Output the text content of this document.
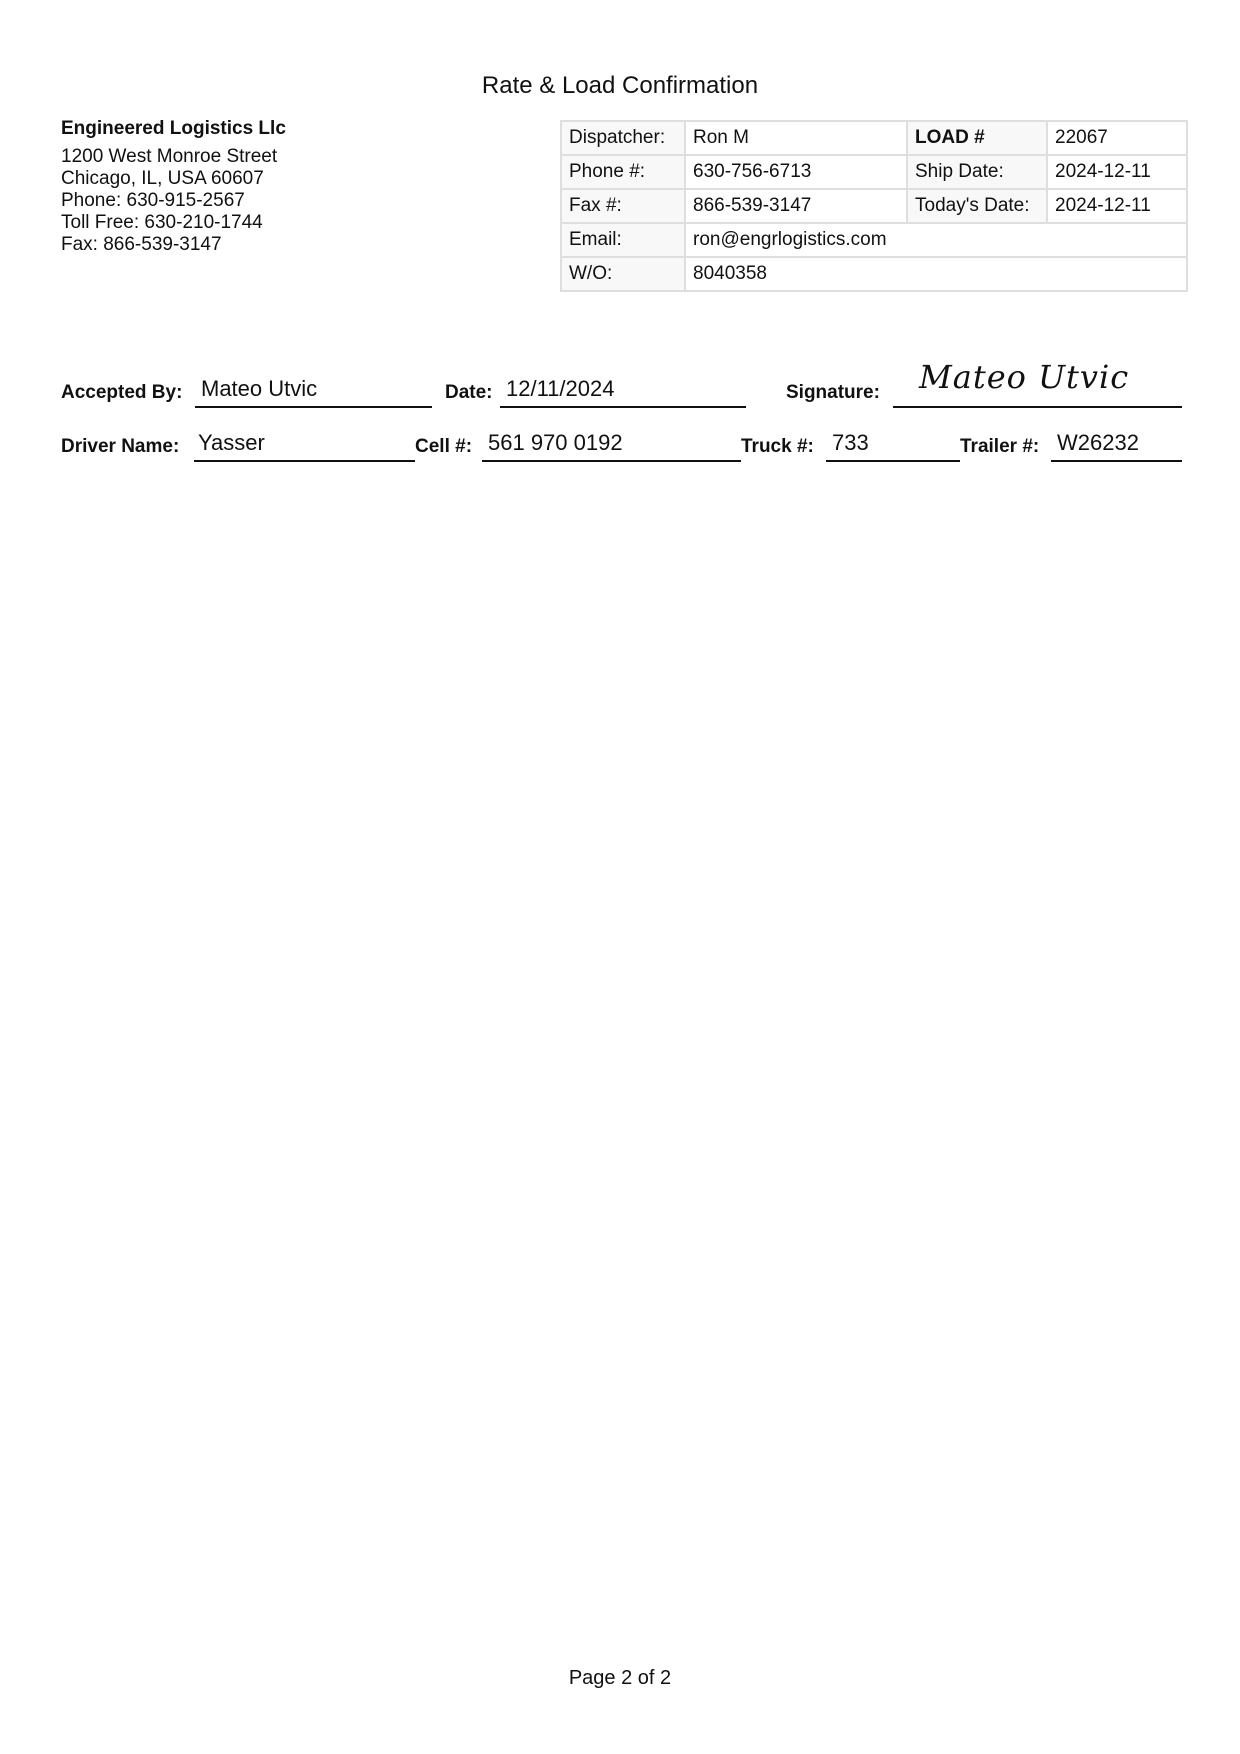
Rate & Load Confirmation
Engineered Logistics Llc
1200 West Monroe Street
Chicago, IL, USA 60607
Phone: 630-915-2567
Toll Free: 630-210-1744
Fax: 866-539-3147
Dispatcher:	Ron M	LOAD #	22067
Phone #:	630-756-6713	Ship Date:	2024-12-11
Fax #:	866-539-3147	Today's Date:	2024-12-11
Email:	ron@engrlogistics.com		
W/O:	8040358		
Accepted By: Mateo Utvic	Date: 12/11/2024	Signature: Mateo Utvic
Driver Name: Yasser	Cell #: 561 970 0192	Truck #: 733	Trailer #: W26232
Page 2 of 2
